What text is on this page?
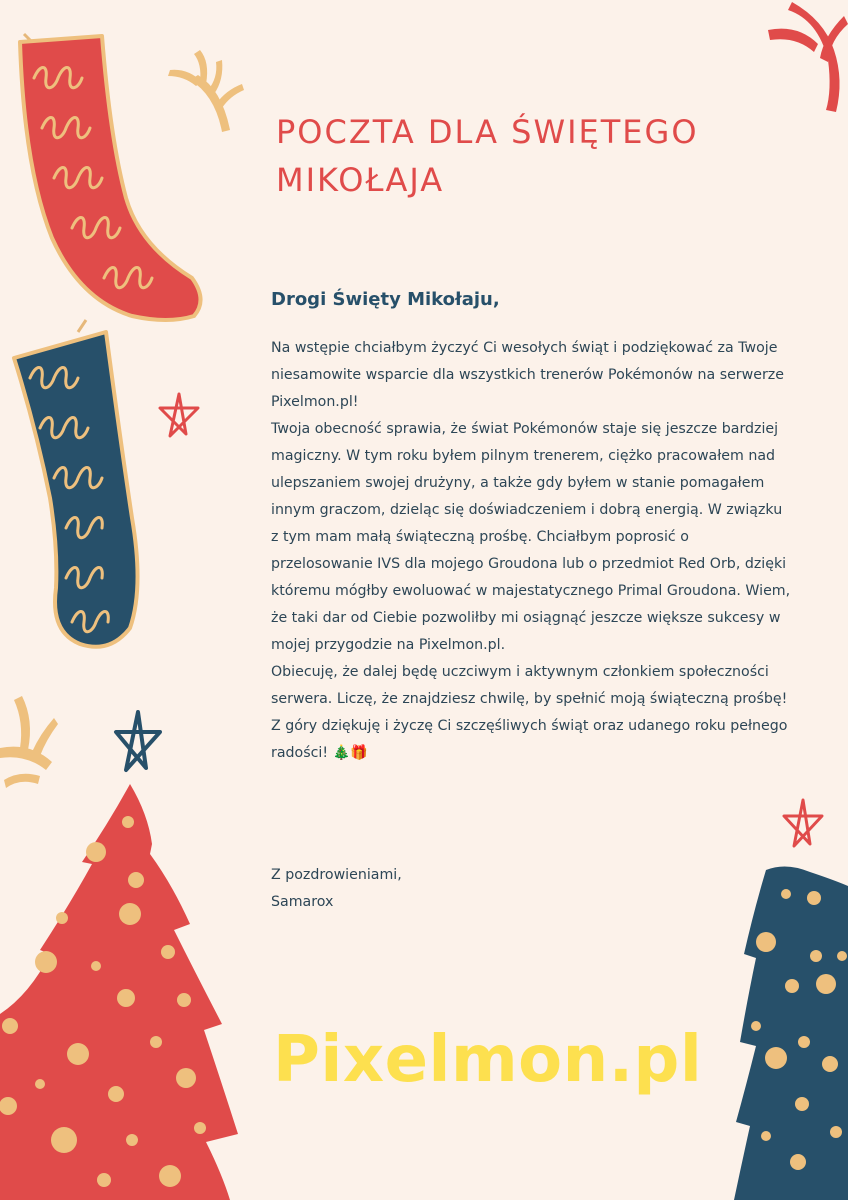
POCZTA DLA ŚWIĘTEGO MIKOŁAJA
Drogi Święty Mikołaju,

Na wstępie chciałbym życzyć Ci wesołych świąt i podziękować za Twoje niesamowite wsparcie dla wszystkich trenerów Pokémonów na serwerze Pixelmon.pl!

Twoja obecność sprawia, że świat Pokémonów staje się jeszcze bardziej magiczny. W tym roku byłem pilnym trenerem, ciężko pracowałem nad ulepszaniem swojej drużyny, a także gdy byłem w stanie pomagałem innym graczom, dzieląc się doświadczeniem i dobrą energią. W związku z tym mam małą świąteczną prośbę. Chciałbym poprosić o przelosowanie IVS dla mojego Groudona lub o przedmiot Red Orb, dzięki któremu mógłby ewoluować w majestatycznego Primal Groudona. Wiem, że taki dar od Ciebie pozwoliłby mi osiągnąć jeszcze większe sukcesy w mojej przygodzie na Pixelmon.pl.

Obiecuję, że dalej będę uczciwym i aktywnym członkiem społeczności serwera. Liczę, że znajdziesz chwilę, by spełnić moją świąteczną prośbę!

Z góry dziękuję i życzę Ci szczęśliwych świąt oraz udanego roku pełnego radości! 🎄🎁

Z pozdrowieniami,
Samarox
Pixelmon.pl
